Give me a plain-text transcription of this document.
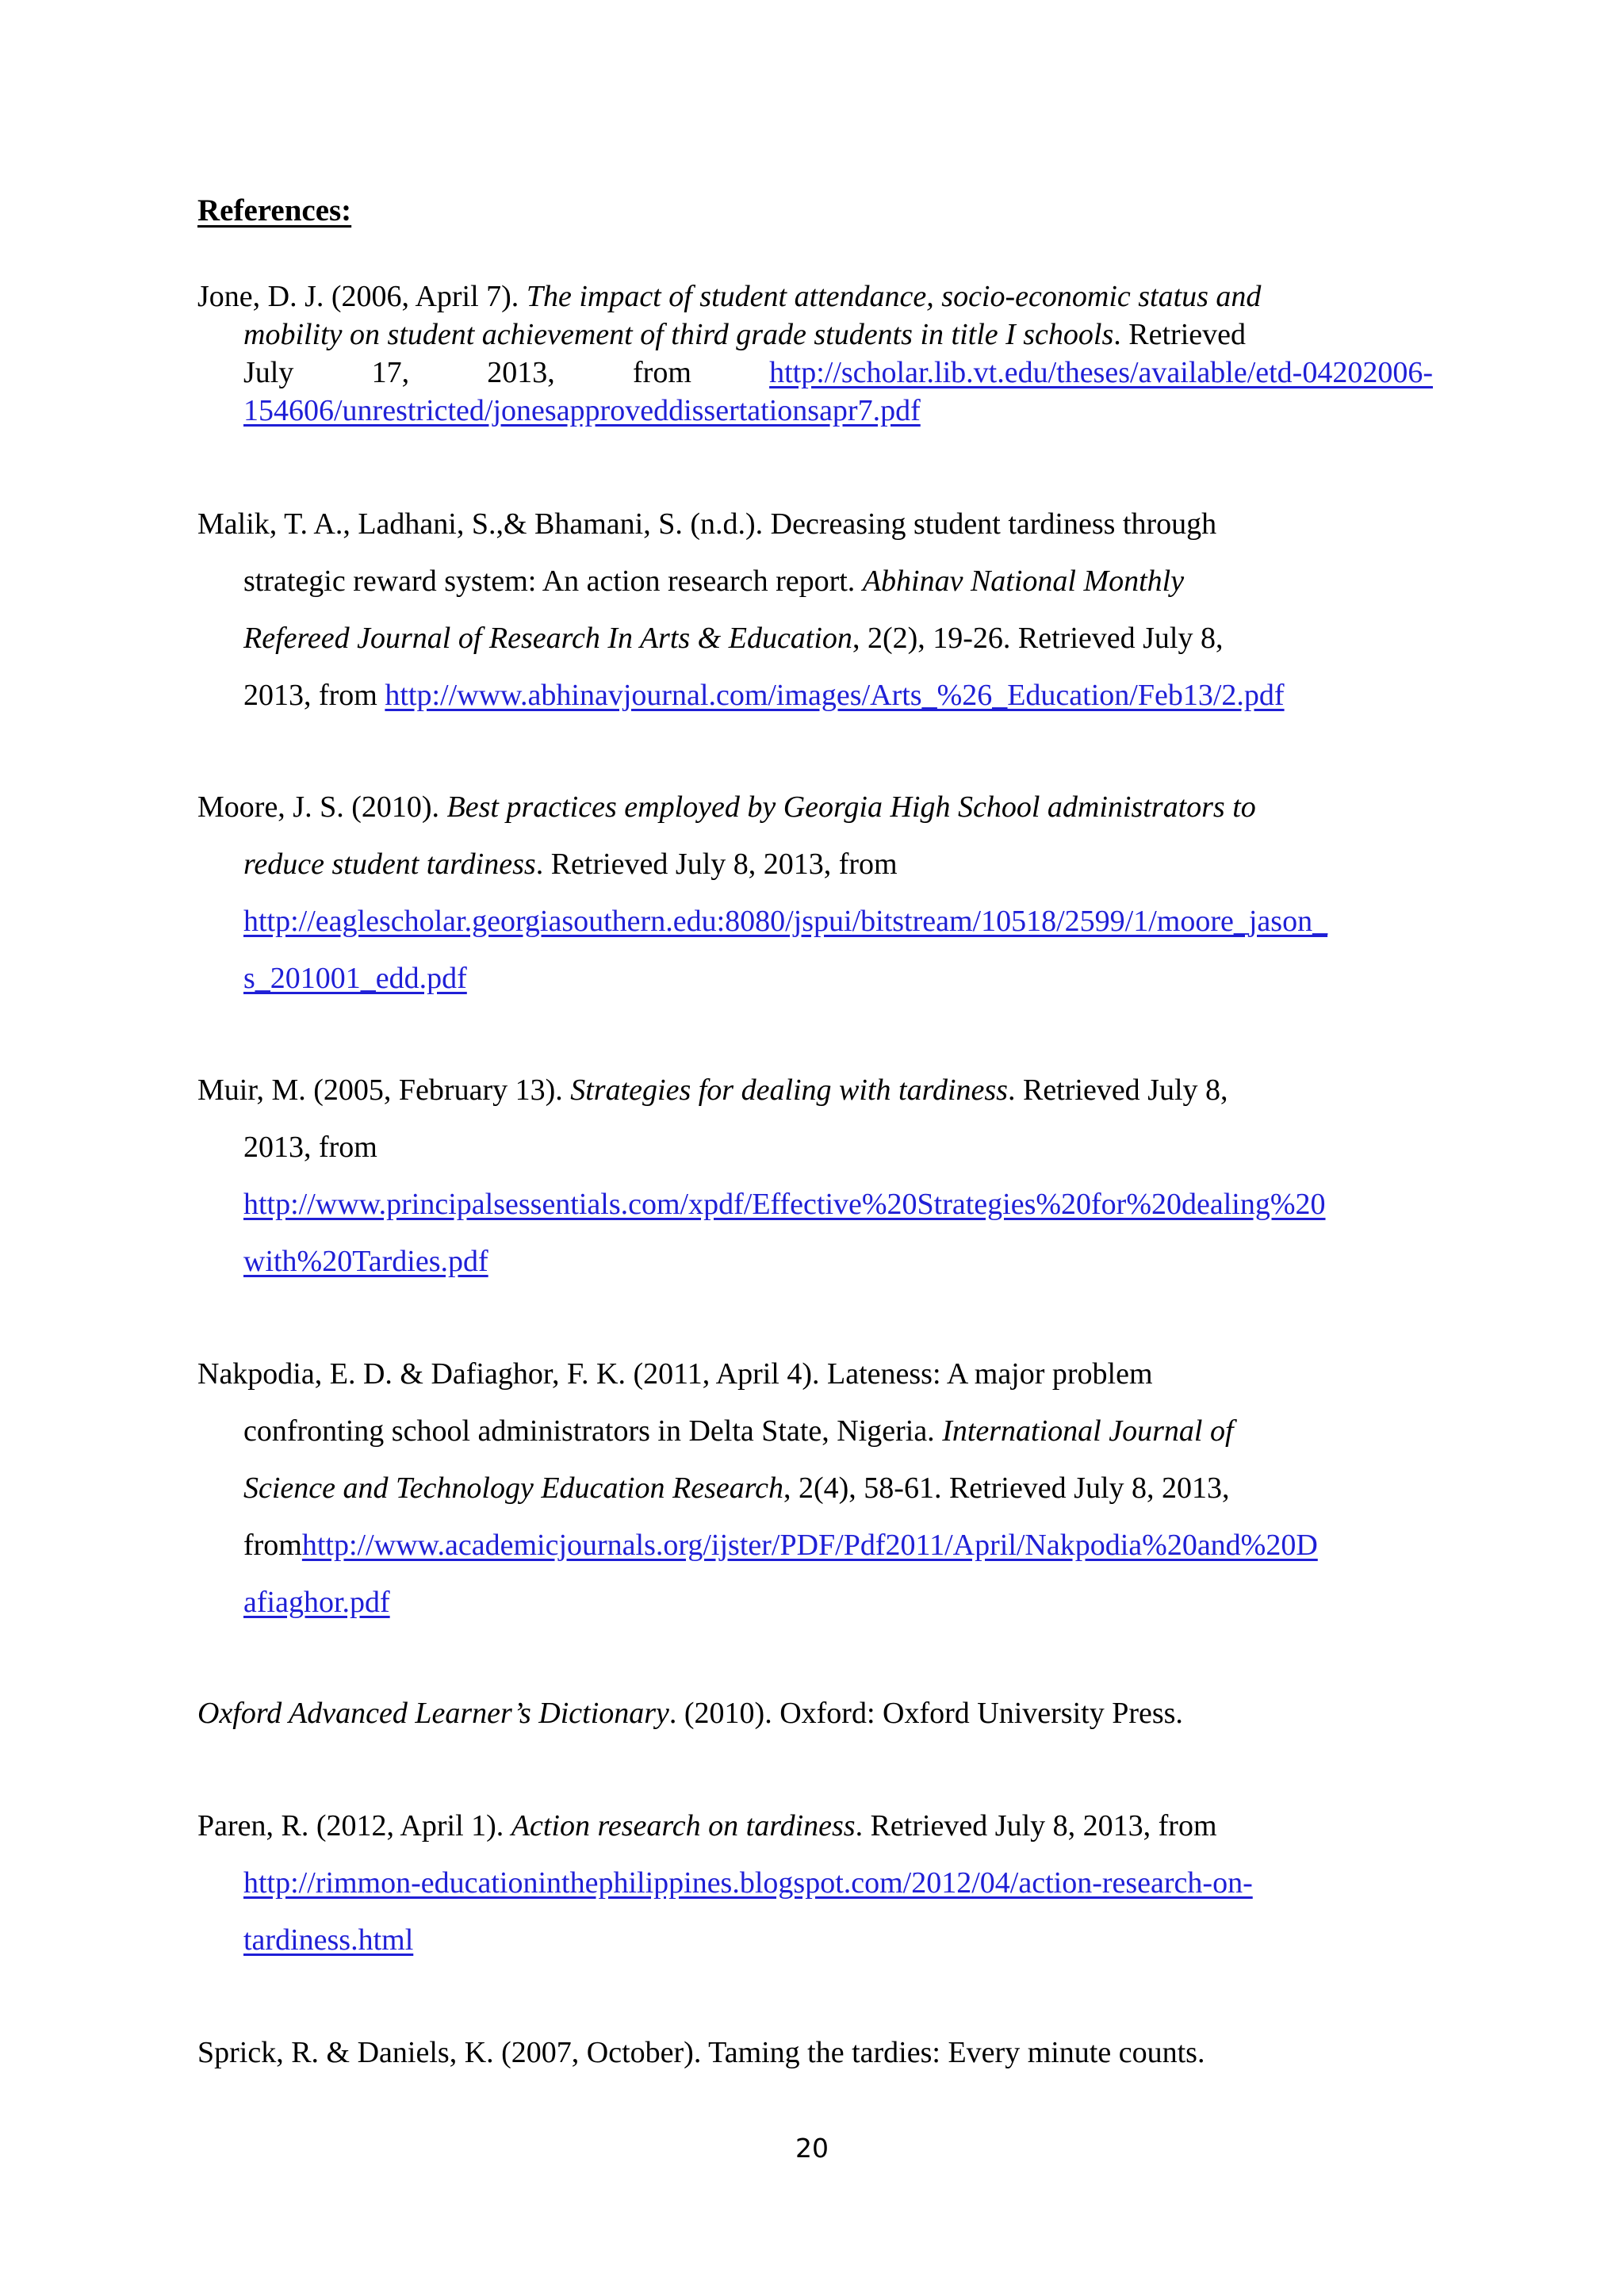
References:
Jone, D. J. (2006, April 7). The impact of student attendance, socio-economic status and
mobility on student achievement of third grade students in title I schools. Retrieved
July	17,	2013,	from	http://scholar.lib.vt.edu/theses/available/etd-04202006-
154606/unrestricted/jonesapproveddissertationsapr7.pdf
Malik, T. A., Ladhani, S.,& Bhamani, S. (n.d.). Decreasing student tardiness through
strategic reward system: An action research report. Abhinav National Monthly
Refereed Journal of Research In Arts & Education, 2(2), 19-26. Retrieved July 8,
2013, from http://www.abhinavjournal.com/images/Arts_%26_Education/Feb13/2.pdf
Moore, J. S. (2010). Best practices employed by Georgia High School administrators to
reduce student tardiness. Retrieved July 8, 2013, from
http://eaglescholar.georgiasouthern.edu:8080/jspui/bitstream/10518/2599/1/moore_jason_
s_201001_edd.pdf
Muir, M. (2005, February 13). Strategies for dealing with tardiness. Retrieved July 8,
2013, from
http://www.principalsessentials.com/xpdf/Effective%20Strategies%20for%20dealing%20
with%20Tardies.pdf
Nakpodia, E. D. & Dafiaghor, F. K. (2011, April 4). Lateness: A major problem
confronting school administrators in Delta State, Nigeria. International Journal of
Science and Technology Education Research, 2(4), 58-61. Retrieved July 8, 2013,
fromhttp://www.academicjournals.org/ijster/PDF/Pdf2011/April/Nakpodia%20and%20D
afiaghor.pdf
Oxford Advanced Learner’s Dictionary. (2010). Oxford: Oxford University Press.
Paren, R. (2012, April 1). Action research on tardiness. Retrieved July 8, 2013, from
http://rimmon-educationinthephilippines.blogspot.com/2012/04/action-research-on-
tardiness.html
Sprick, R. & Daniels, K. (2007, October). Taming the tardies: Every minute counts.
20
